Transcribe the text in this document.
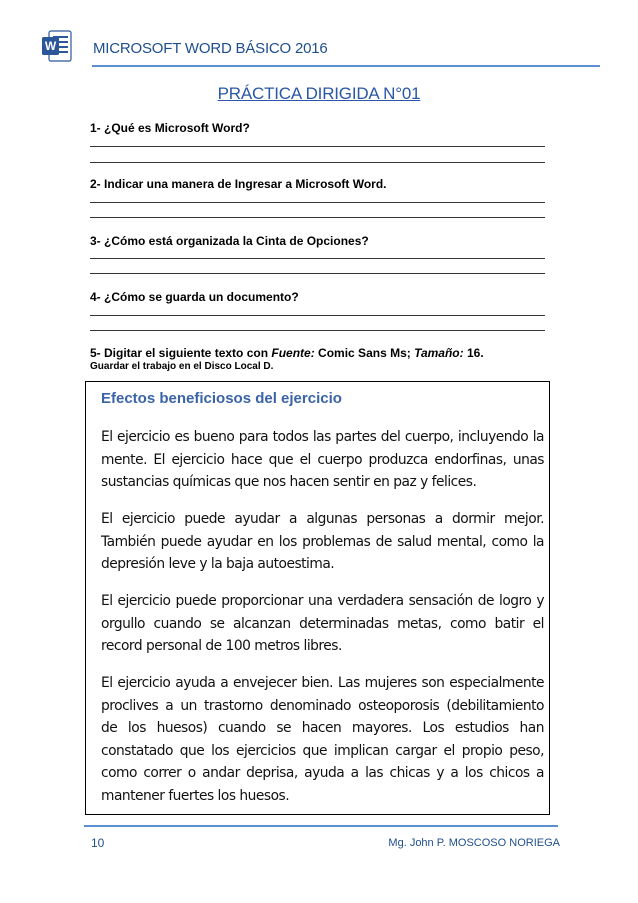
W MICROSOFT WORD BÁSICO 2016
PRÁCTICA DIRIGIDA N°01
1- ¿Qué es Microsoft Word?
2- Indicar una manera de Ingresar a Microsoft Word.
3- ¿Cómo está organizada la Cinta de Opciones?
4- ¿Cómo se guarda un documento?
5- Digitar el siguiente texto con Fuente: Comic Sans Ms; Tamaño: 16.
Guardar el trabajo en el Disco Local D.
Efectos beneficiosos del ejercicio
El ejercicio es bueno para todos las partes del cuerpo, incluyendo la mente. El ejercicio hace que el cuerpo produzca endorfinas, unas sustancias químicas que nos hacen sentir en paz y felices.
El ejercicio puede ayudar a algunas personas a dormir mejor. También puede ayudar en los problemas de salud mental, como la depresión leve y la baja autoestima.
El ejercicio puede proporcionar una verdadera sensación de logro y orgullo cuando se alcanzan determinadas metas, como batir el record personal de 100 metros libres.
El ejercicio ayuda a envejecer bien. Las mujeres son especialmente proclives a un trastorno denominado osteoporosis (debilitamiento de los huesos) cuando se hacen mayores. Los estudios han constatado que los ejercicios que implican cargar el propio peso, como correr o andar deprisa, ayuda a las chicas y a los chicos a mantener fuertes los huesos.
10	Mg. John P. MOSCOSO NORIEGA
